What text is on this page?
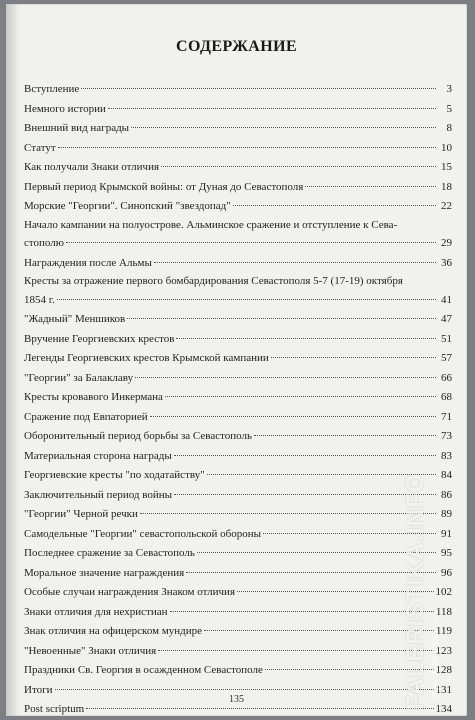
СОДЕРЖАНИЕ
Вступление	3
Немного истории	5
Внешний вид награды	8
Статут	10
Как получали Знаки отличия	15
Первый период Крымской войны: от Дуная до Севастополя	18
Морские "Георгии". Синопский "звездопад"	22
Начало кампании на полуострове. Альминское сражение и отступление к Сева-
стополю	29
Награждения после Альмы	36
Кресты за отражение первого бомбардирования Севастополя 5-7 (17-19) октября
1854 г.	41
"Жадный" Меншиков	47
Вручение Георгиевских крестов	51
Легенды Георгиевских крестов Крымской кампании	57
"Георгии" за Балаклаву	66
Кресты кровавого Инкермана	68
Сражение под Евпаторией	71
Оборонительный период борьбы за Севастополь	73
Материальная сторона награды	83
Георгиевские кресты "по ходатайству"	84
Заключительный период войны	86
"Георгии" Черной речки	89
Самодельные "Георгии" севастопольской обороны	91
Последнее сражение за Севастополь	95
Моральное значение награждения	96
Особые случаи награждения Знаком отличия	102
Знаки отличия для нехристиан	118
Знак отличия на офицерском мундире	119
"Невоенные" Знаки отличия	123
Праздники Св. Георгия в осажденном Севастополе	128
Итоги	131
Post scriptum	134
135	FALERISTIKA.INFO https://faleristika.info
